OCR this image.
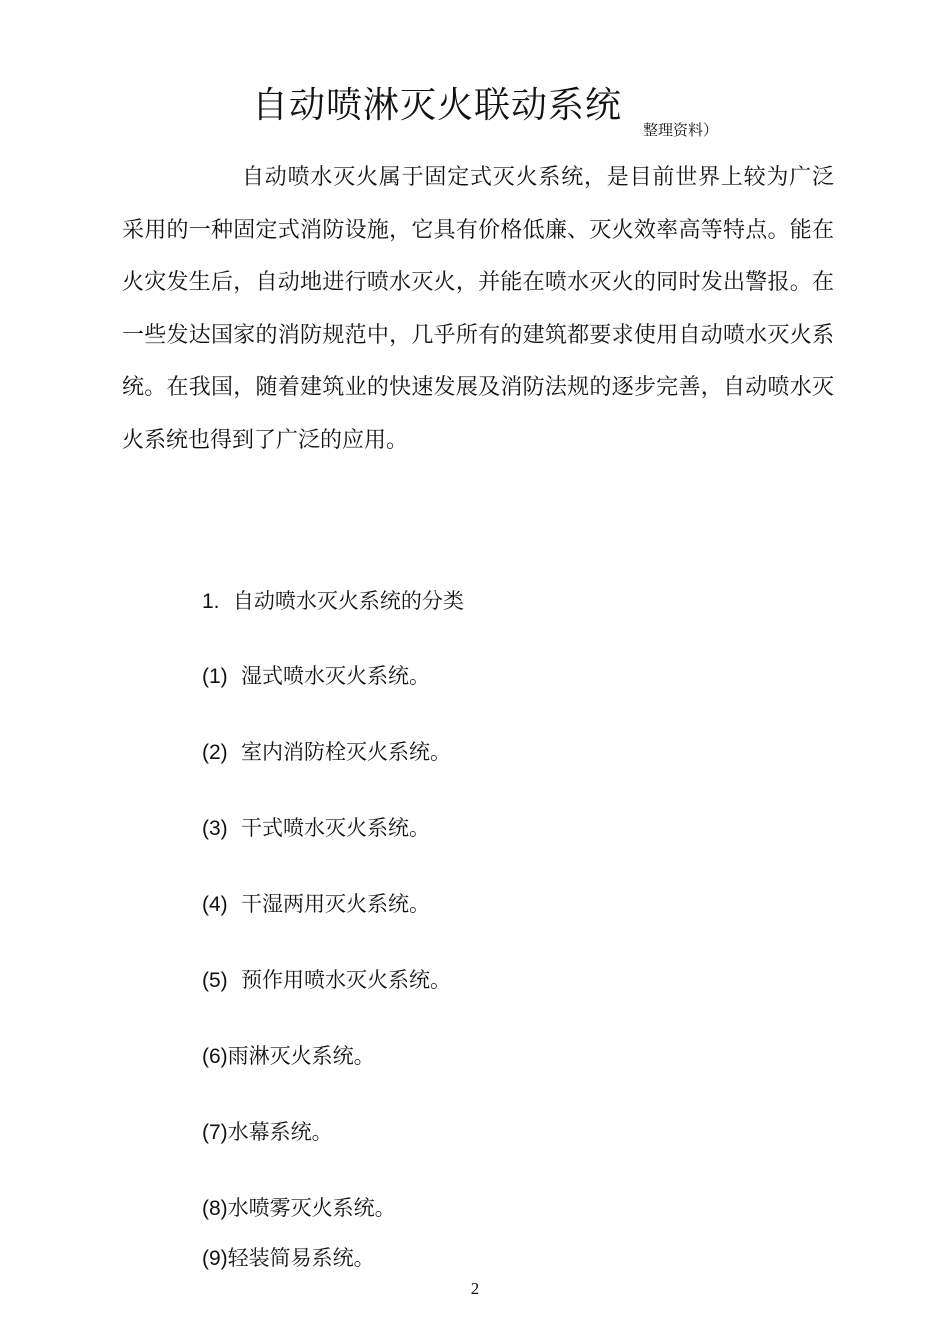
自动喷淋灭火联动系统
整理资料）

自动喷水灭火属于固定式灭火系统，是目前世界上较为广泛采用的一种固定式消防设施，它具有价格低廉、灭火效率高等特点。能在火灾发生后，自动地进行喷水灭火，并能在喷水灭火的同时发出警报。在一些发达国家的消防规范中，几乎所有的建筑都要求使用自动喷水灭火系统。在我国，随着建筑业的快速发展及消防法规的逐步完善，自动喷水灭火系统也得到了广泛的应用。

1. 自动喷水灭火系统的分类
(1) 湿式喷水灭火系统。
(2) 室内消防栓灭火系统。
(3) 干式喷水灭火系统。
(4) 干湿两用灭火系统。
(5) 预作用喷水灭火系统。
(6)雨淋灭火系统。
(7)水幕系统。
(8)水喷雾灭火系统。
(9)轻装简易系统。
2
